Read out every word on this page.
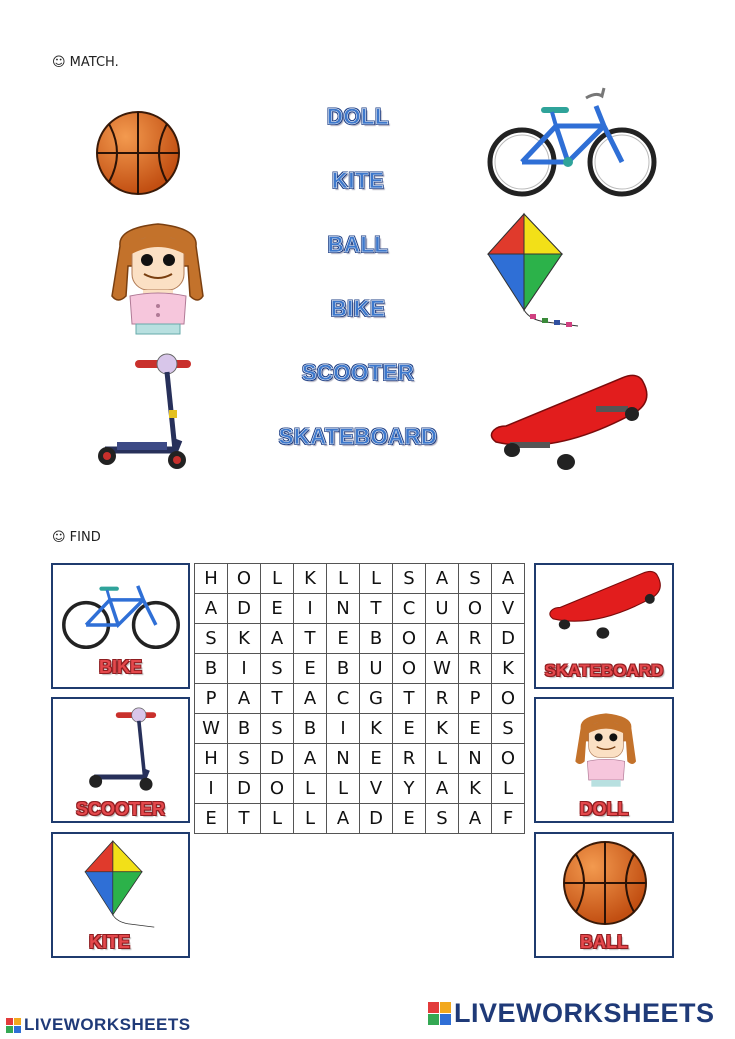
☺ MATCH.
DOLL
KITE
BALL
BIKE
SCOOTER
SKATEBOARD
☺ FIND
BIKE
SCOOTER
KITE
H	O	L	K	L	L	S	A	S	A
A	D	E	I	N	T	C	U	O	V
S	K	A	T	E	B	O	A	R	D
B	I	S	E	B	U	O	W	R	K
P	A	T	A	C	G	T	R	P	O
W	B	S	B	I	K	E	K	E	S
H	S	D	A	N	E	R	L	N	O
I	D	O	L	L	V	Y	A	K	L
E	T	L	L	A	D	E	S	A	F
SKATEBOARD
DOLL
BALL
LIVEWORKSHEETS	LIVEWORKSHEETS
